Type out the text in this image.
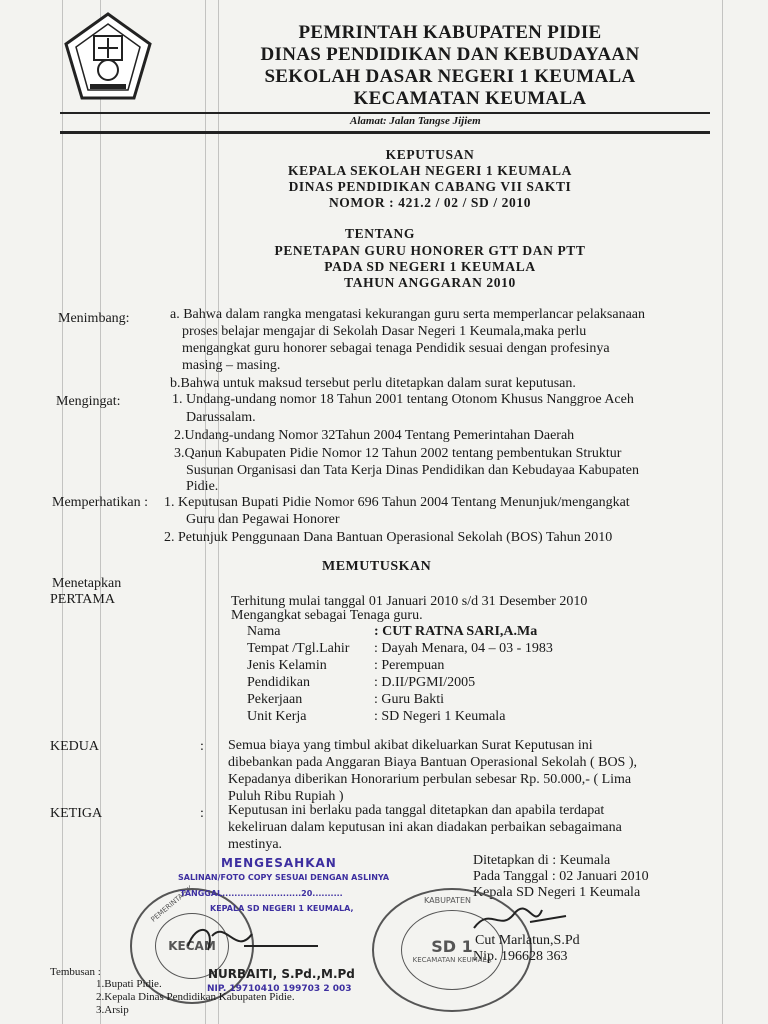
PEMRINTAH KABUPATEN PIDIE
DINAS PENDIDIKAN DAN KEBUDAYAAN
SEKOLAH DASAR NEGERI 1 KEUMALA
KECAMATAN KEUMALA
Alamat: Jalan Tangse Jijiem
KEPUTUSAN
KEPALA SEKOLAH NEGERI 1 KEUMALA
DINAS PENDIDIKAN CABANG VII SAKTI
NOMOR : 421.2 / 02 / SD / 2010
TENTANG
PENETAPAN GURU HONORER GTT DAN PTT
PADA SD NEGERI 1 KEUMALA
TAHUN ANGGARAN 2010
Menimbang:	a. Bahwa dalam rangka mengatasi kekurangan guru serta memperlancar pelaksanaan
proses belajar mengajar di Sekolah Dasar Negeri 1 Keumala,maka perlu
mengangkat guru honorer sebagai tenaga Pendidik sesuai dengan profesinya
masing – masing.
b.Bahwa untuk maksud tersebut perlu ditetapkan dalam surat keputusan.
Mengingat:	1. Undang-undang nomor 18 Tahun 2001 tentang Otonom Khusus Nanggroe Aceh
Darussalam.
2.Undang-undang Nomor 32Tahun 2004 Tentang Pemerintahan Daerah
3.Qanun Kabupaten Pidie Nomor 12 Tahun 2002 tentang pembentukan Struktur
Susunan Organisasi dan Tata Kerja Dinas Pendidikan dan Kebudayaa Kabupaten
Pidie.
Memperhatikan : 1. Keputusan Bupati Pidie Nomor 696 Tahun 2004 Tentang Menunjuk/mengangkat
Guru dan Pegawai Honorer
2. Petunjuk Penggunaan Dana Bantuan Operasional Sekolah (BOS) Tahun 2010
MEMUTUSKAN
Menetapkan
PERTAMA	Terhitung mulai tanggal 01 Januari 2010 s/d 31 Desember 2010
Mengangkat sebagai Tenaga guru.
Nama	: CUT RATNA SARI,A.Ma
Tempat /Tgl.Lahir : Dayah Menara, 04 – 03 - 1983
Jenis Kelamin	: Perempuan
Pendidikan	: D.II/PGMI/2005
Pekerjaan	: Guru Bakti
Unit Kerja	: SD Negeri 1 Keumala
KEDUA	: Semua biaya yang timbul akibat dikeluarkan Surat Keputusan ini
dibebankan pada Anggaran Biaya Bantuan Operasional Sekolah ( BOS ),
Kepadanya diberikan Honorarium perbulan sebesar Rp. 50.000,- ( Lima
Puluh Ribu Rupiah )
KETIGA	: Keputusan ini berlaku pada tanggal ditetapkan dan apabila terdapat
kekeliruan dalam keputusan ini akan diadakan perbaikan sebagaimana
mestinya.
Ditetapkan di : Keumala
Pada Tanggal : 02 Januari 2010
Kepala SD Negeri 1 Keumala
SD 1
KECAMATAN KEUMALA
KABUPATEN
Cut Marlatun,S.Pd
Nip. 196628 363
KECAM
PEMERINTAH K
MENGESAHKAN
SALINAN/FOTO COPY SESUAI DENGAN ASLINYA
TANGGAL..........................20..........
KEPALA SD NEGERI 1 KEUMALA,
NURBAITI, S.Pd.,M.Pd
NIP. 19710410 199703 2 003
Tembusan :
1.Bupati Pidie.
2.Kepala Dinas Pendidikan Kabupaten Pidie.
3.Arsip
